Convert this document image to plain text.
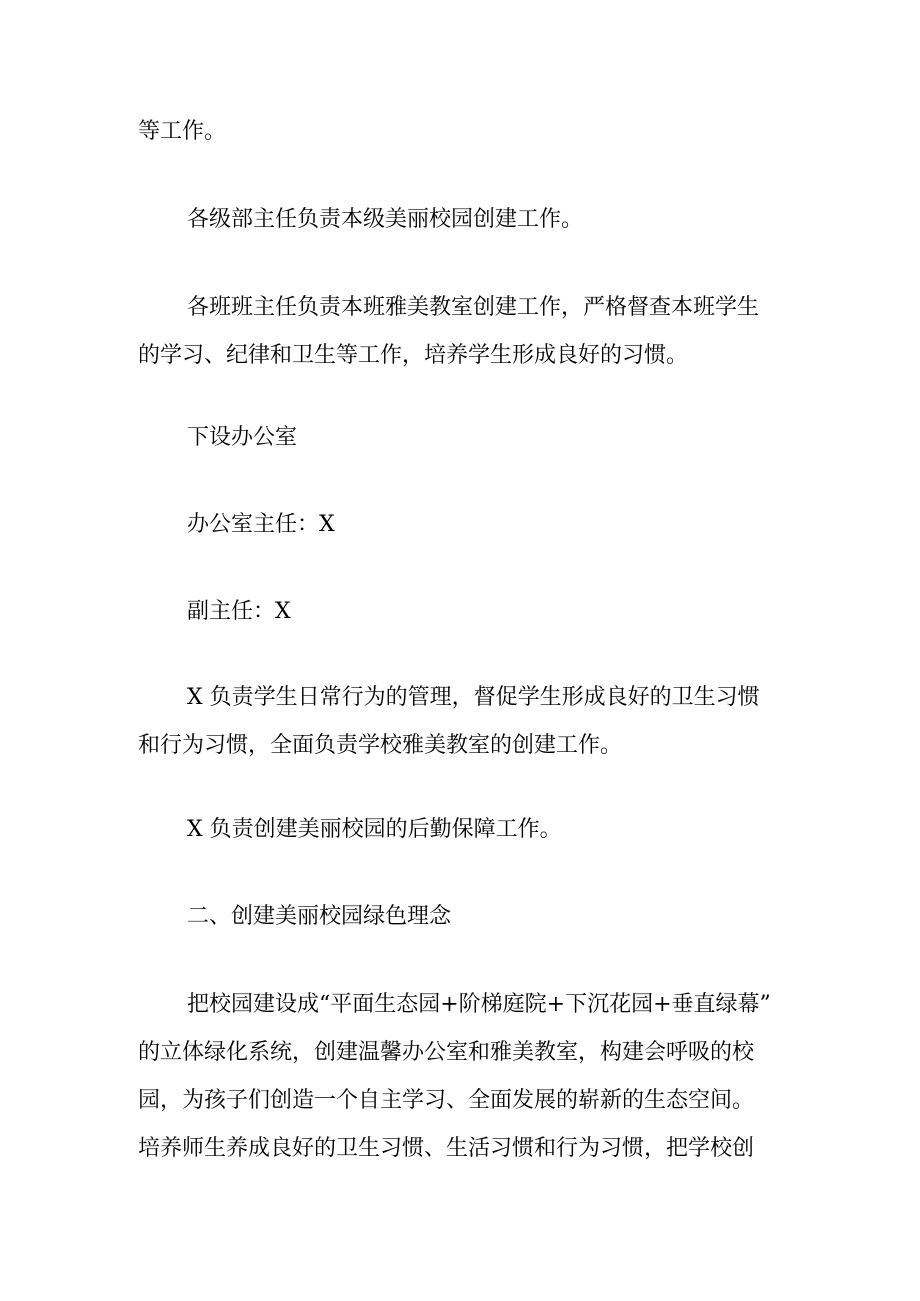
等工作。
各级部主任负责本级美丽校园创建工作。
各班班主任负责本班雅美教室创建工作，严格督查本班学生
的学习、纪律和卫生等工作，培养学生形成良好的习惯。
下设办公室
办公室主任：X
副主任：X
X 负责学生日常行为的管理，督促学生形成良好的卫生习惯
和行为习惯，全面负责学校雅美教室的创建工作。
X 负责创建美丽校园的后勤保障工作。
二、创建美丽校园绿色理念
把校园建设成“平面生态园+阶梯庭院+下沉花园+垂直绿幕”
的立体绿化系统，创建温馨办公室和雅美教室，构建会呼吸的校
园，为孩子们创造一个自主学习、全面发展的崭新的生态空间。
培养师生养成良好的卫生习惯、生活习惯和行为习惯，把学校创
